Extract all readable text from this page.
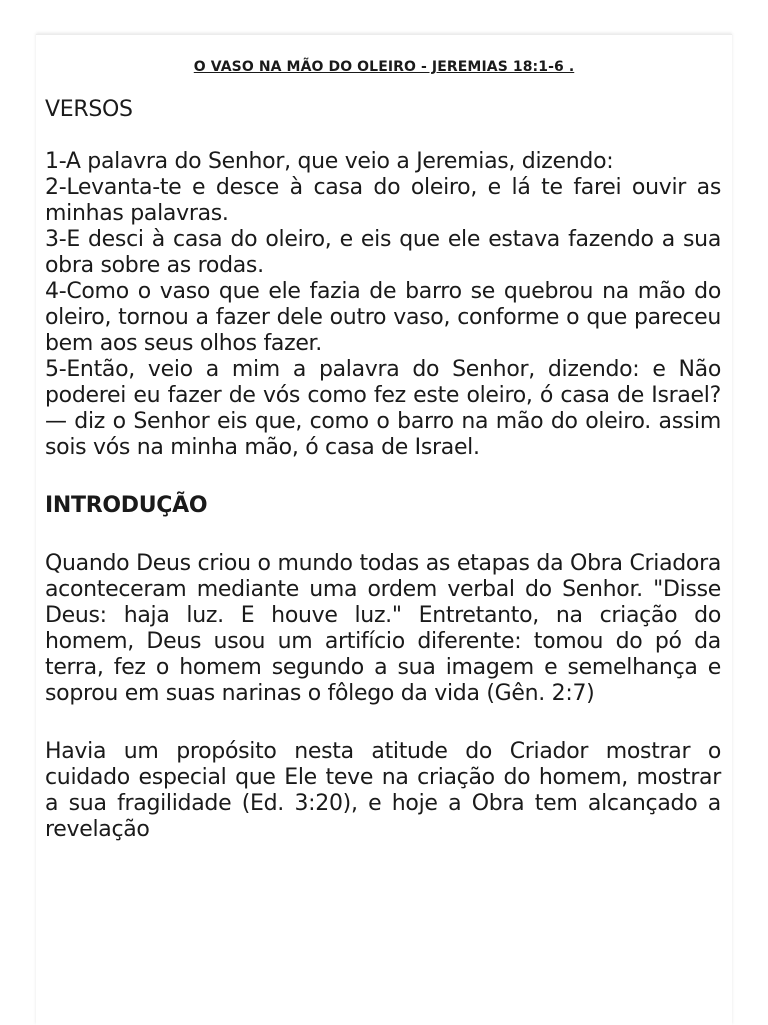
O VASO NA MÃO DO OLEIRO - JEREMIAS 18:1-6 .

VERSOS

1-A palavra do Senhor, que veio a Jeremias, dizendo:

2-Levanta-te e desce à casa do oleiro, e lá te farei ouvir as minhas palavras.

3-E desci à casa do oleiro, e eis que ele estava fazendo a sua obra sobre as rodas.

4-Como o vaso que ele fazia de barro se quebrou na mão do oleiro, tornou a fazer dele outro vaso, conforme o que pareceu bem aos seus olhos fazer.

5-Então, veio a mim a palavra do Senhor, dizendo: e Não poderei eu fazer de vós como fez este oleiro, ó casa de Israel? — diz o Senhor eis que, como o barro na mão do oleiro. assim sois vós na minha mão, ó casa de Israel.

INTRODUÇÃO

Quando Deus criou o mundo todas as etapas da Obra Criadora aconteceram mediante uma ordem verbal do Senhor. "Disse Deus: haja luz. E houve luz." Entretanto, na criação do homem, Deus usou um artifício diferente: tomou do pó da terra, fez o homem segundo a sua imagem e semelhança e soprou em suas narinas o fôlego da vida (Gên. 2:7)

Havia um propósito nesta atitude do Criador mostrar o cuidado especial que Ele teve na criação do homem, mostrar a sua fragilidade (Ed. 3:20), e hoje a Obra tem alcançado a revelação
